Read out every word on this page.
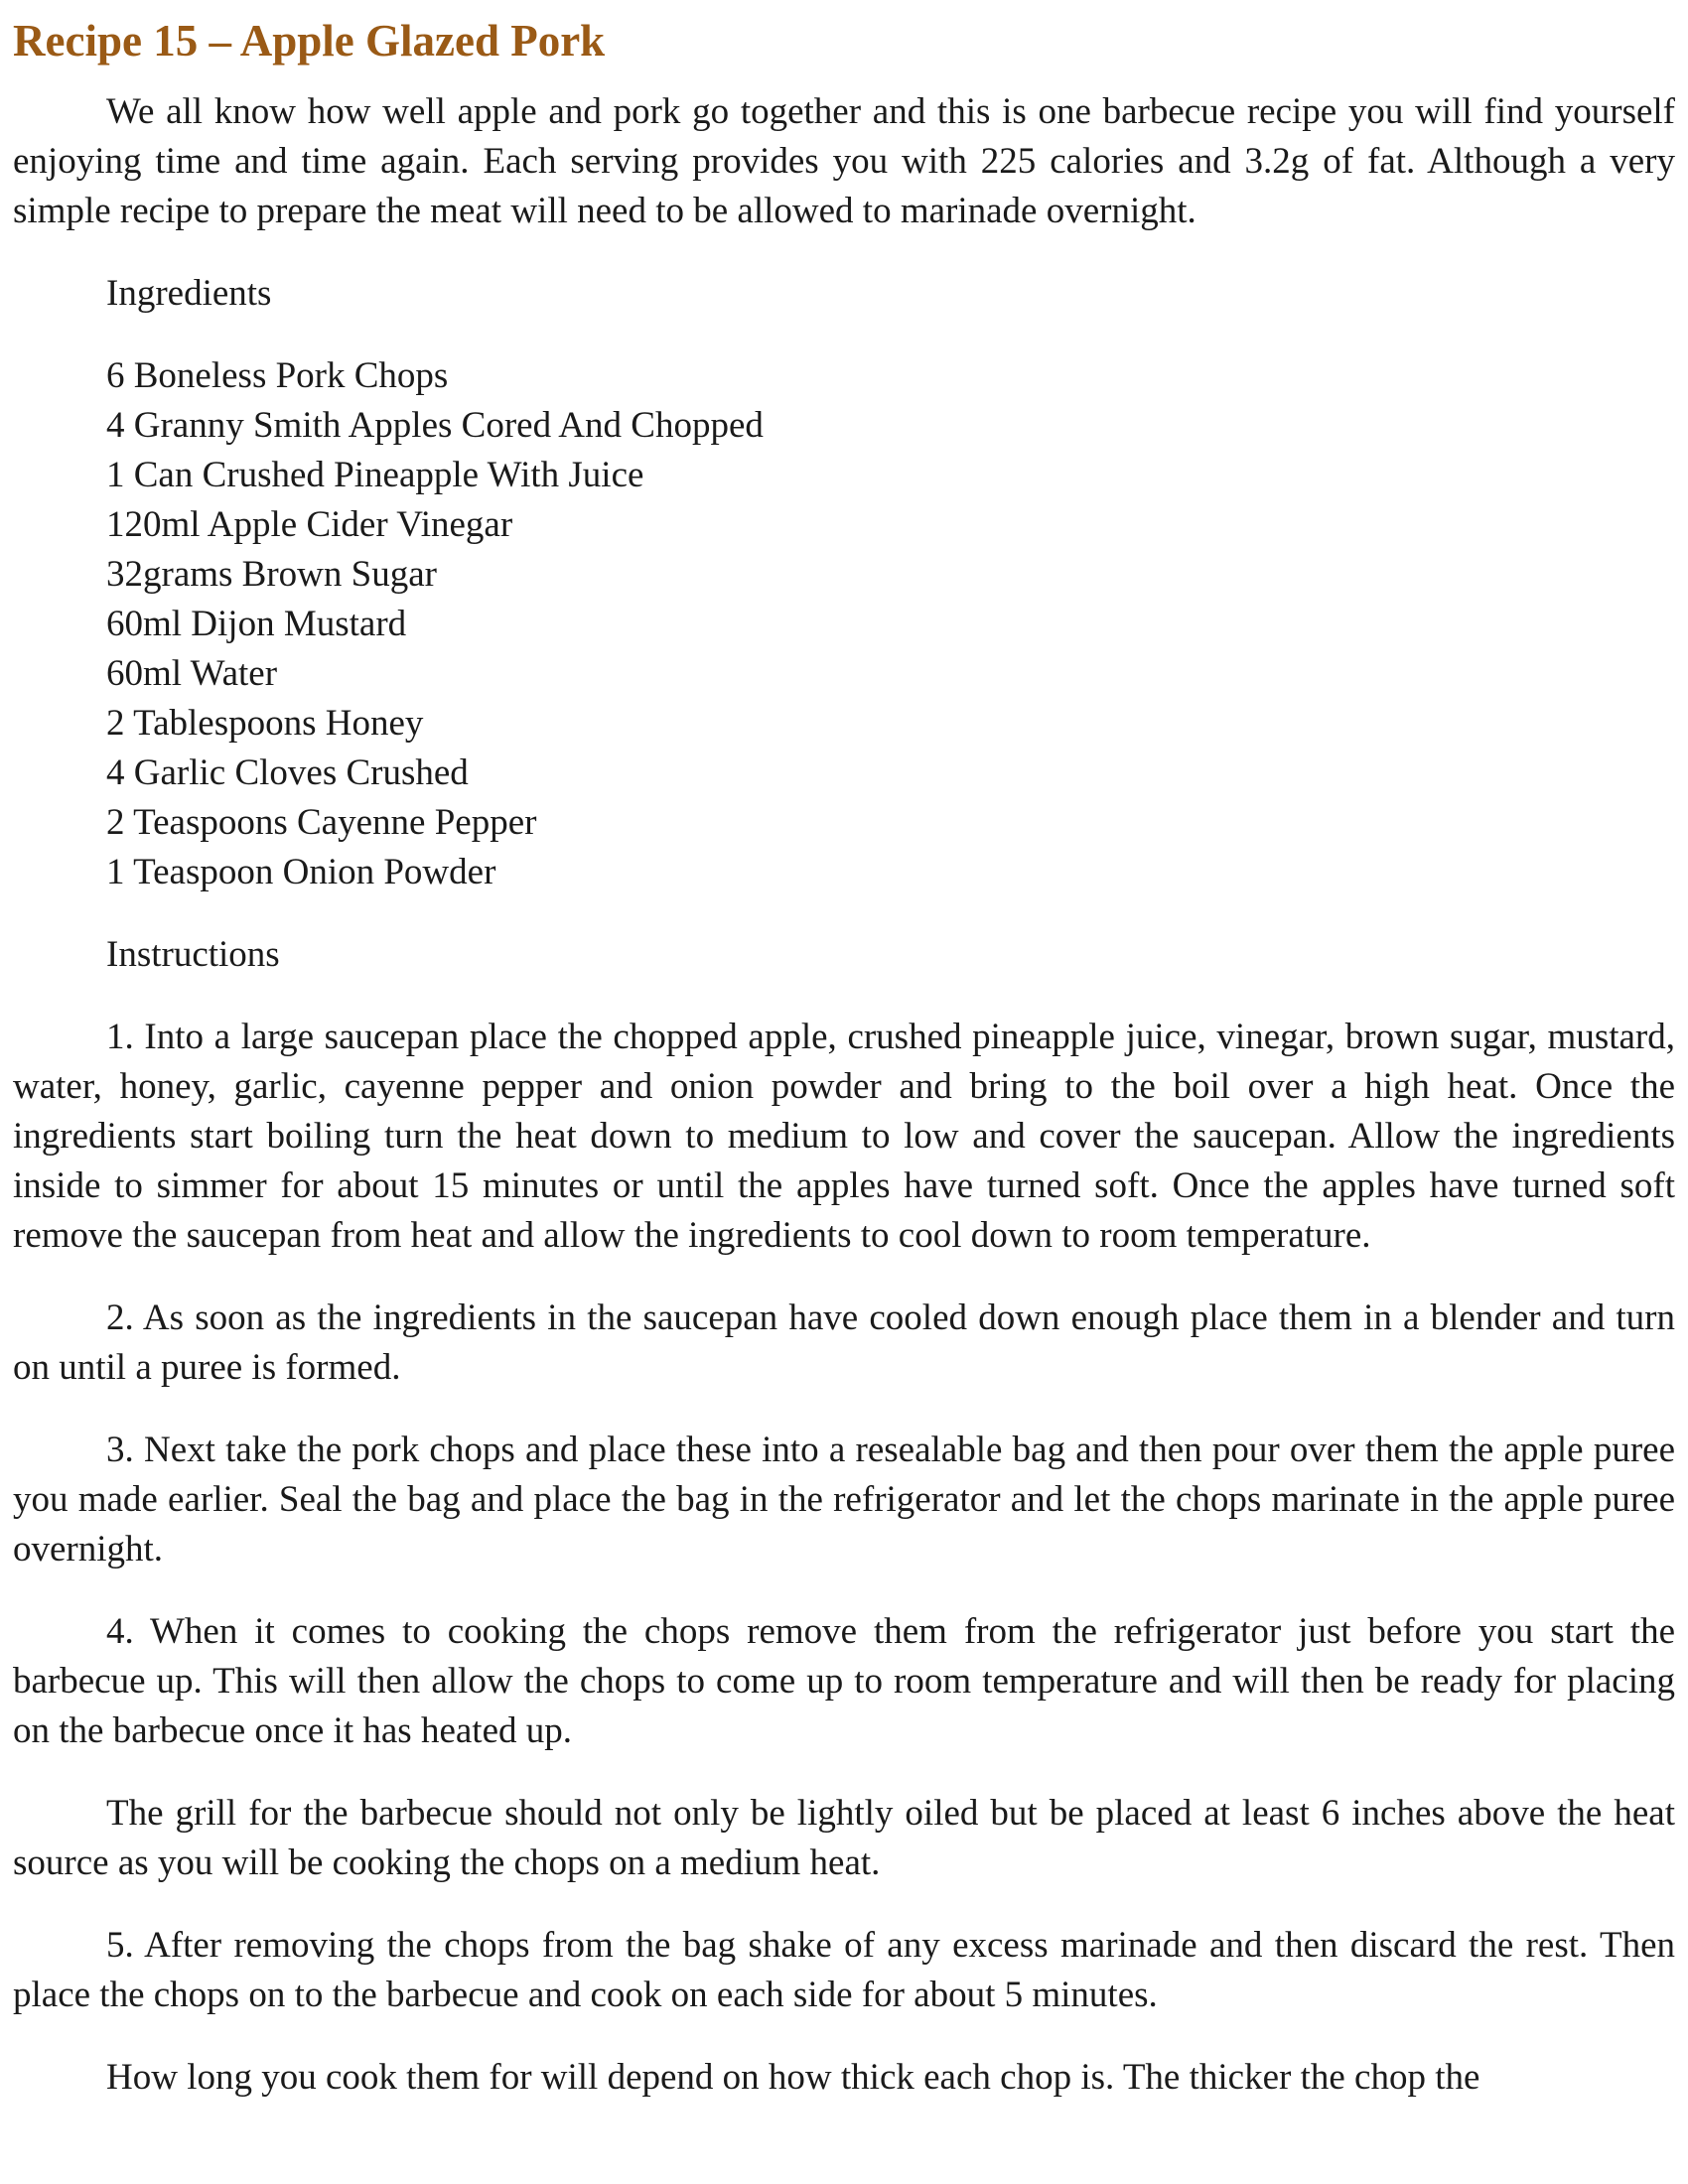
Recipe 15 – Apple Glazed Pork

We all know how well apple and pork go together and this is one barbecue recipe you will find yourself enjoying time and time again. Each serving provides you with 225 calories and 3.2g of fat. Although a very simple recipe to prepare the meat will need to be allowed to marinade overnight.

Ingredients
6 Boneless Pork Chops
4 Granny Smith Apples Cored And Chopped
1 Can Crushed Pineapple With Juice
120ml Apple Cider Vinegar
32grams Brown Sugar
60ml Dijon Mustard
60ml Water
2 Tablespoons Honey
4 Garlic Cloves Crushed
2 Teaspoons Cayenne Pepper
1 Teaspoon Onion Powder
Instructions

1. Into a large saucepan place the chopped apple, crushed pineapple juice, vinegar, brown sugar, mustard, water, honey, garlic, cayenne pepper and onion powder and bring to the boil over a high heat. Once the ingredients start boiling turn the heat down to medium to low and cover the saucepan. Allow the ingredients inside to simmer for about 15 minutes or until the apples have turned soft. Once the apples have turned soft remove the saucepan from heat and allow the ingredients to cool down to room temperature.

2. As soon as the ingredients in the saucepan have cooled down enough place them in a blender and turn on until a puree is formed.

3. Next take the pork chops and place these into a resealable bag and then pour over them the apple puree you made earlier. Seal the bag and place the bag in the refrigerator and let the chops marinate in the apple puree overnight.

4. When it comes to cooking the chops remove them from the refrigerator just before you start the barbecue up. This will then allow the chops to come up to room temperature and will then be ready for placing on the barbecue once it has heated up.

The grill for the barbecue should not only be lightly oiled but be placed at least 6 inches above the heat source as you will be cooking the chops on a medium heat.

5. After removing the chops from the bag shake of any excess marinade and then discard the rest. Then place the chops on to the barbecue and cook on each side for about 5 minutes.

How long you cook them for will depend on how thick each chop is. The thicker the chop the
